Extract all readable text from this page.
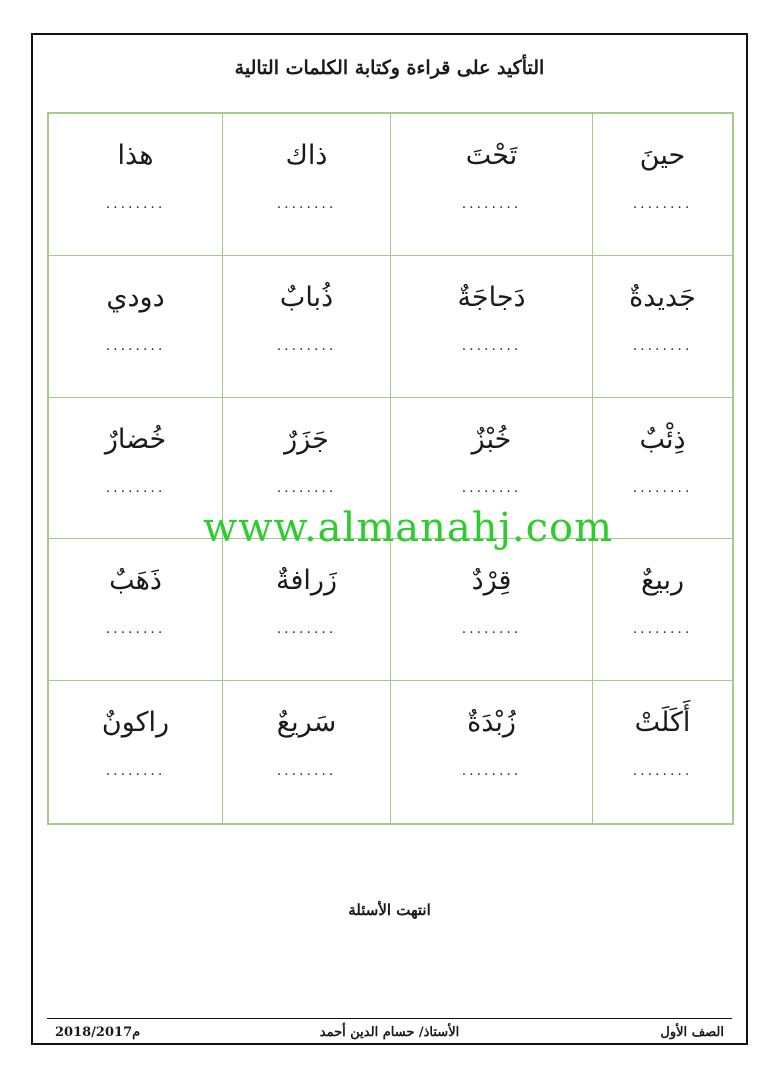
التأكيد على قراءة وكتابة الكلمات التالية
هذا
........
ذاك
........
تَحْتَ
........
حينَ
........
دودي
........
ذُبابٌ
........
دَجاجَةٌ
........
جَديدةٌ
........
خُضارٌ
........
جَزَرٌ
........
خُبْزٌ
........
ذِئْبٌ
........
ذَهَبٌ
........
زَرافةٌ
........
قِرْدٌ
........
ربيعٌ
........
راكونٌ
........
سَريعٌ
........
زُبْدَةٌ
........
أَكَلَتْ
........
www.almanahj.com
انتهت الأسئلة
2018/2017م	الأستاذ/ حسام الدين أحمد	الصف الأول
